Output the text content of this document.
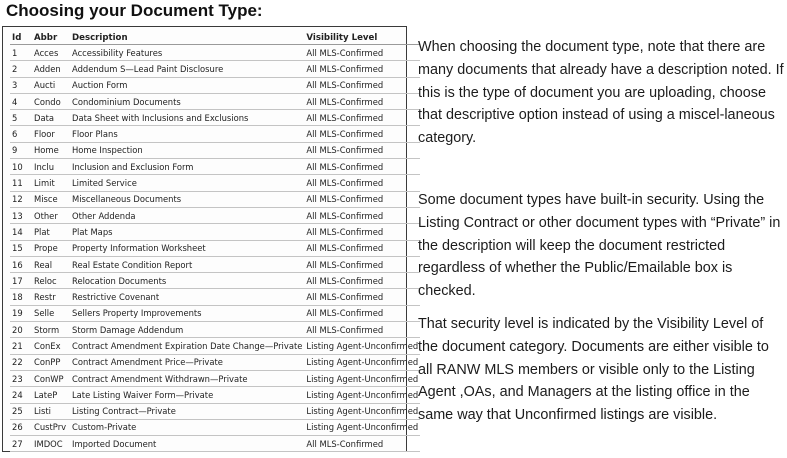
Choosing your Document Type:
Id	Abbr	Description	Visibility Level
1	Acces	Accessibility Features	All MLS-Confirmed
2	Adden	Addendum S—Lead Paint Disclosure	All MLS-Confirmed
3	Aucti	Auction Form	All MLS-Confirmed
4	Condo	Condominium Documents	All MLS-Confirmed
5	Data	Data Sheet with Inclusions and Exclusions	All MLS-Confirmed
6	Floor	Floor Plans	All MLS-Confirmed
9	Home	Home Inspection	All MLS-Confirmed
10	Inclu	Inclusion and Exclusion Form	All MLS-Confirmed
11	Limit	Limited Service	All MLS-Confirmed
12	Misce	Miscellaneous Documents	All MLS-Confirmed
13	Other	Other Addenda	All MLS-Confirmed
14	Plat	Plat Maps	All MLS-Confirmed
15	Prope	Property Information Worksheet	All MLS-Confirmed
16	Real	Real Estate Condition Report	All MLS-Confirmed
17	Reloc	Relocation Documents	All MLS-Confirmed
18	Restr	Restrictive Covenant	All MLS-Confirmed
19	Selle	Sellers Property Improvements	All MLS-Confirmed
20	Storm	Storm Damage Addendum	All MLS-Confirmed
21	ConEx	Contract Amendment Expiration Date Change—Private	Listing Agent-Unconfirmed
22	ConPP	Contract Amendment Price—Private	Listing Agent-Unconfirmed
23	ConWP	Contract Amendment Withdrawn—Private	Listing Agent-Unconfirmed
24	LateP	Late Listing Waiver Form—Private	Listing Agent-Unconfirmed
25	Listi	Listing Contract—Private	Listing Agent-Unconfirmed
26	CustPrv	Custom-Private	Listing Agent-Unconfirmed
27	IMDOC	Imported Document	All MLS-Confirmed

When choosing the document type, note that there are many documents that already have a description noted. If this is the type of document you are uploading, choose that descriptive option instead of using a miscel-laneous category.

Some document types have built-in security. Using the Listing Contract or other document types with “Private” in the description will keep the document restricted regardless of whether the Public/Emailable box is checked.

That security level is indicated by the Visibility Level of the document category. Documents are either visible to all RANW MLS members or visible only to the Listing Agent ,OAs, and Managers at the listing office in the same way that Unconfirmed listings are visible.
